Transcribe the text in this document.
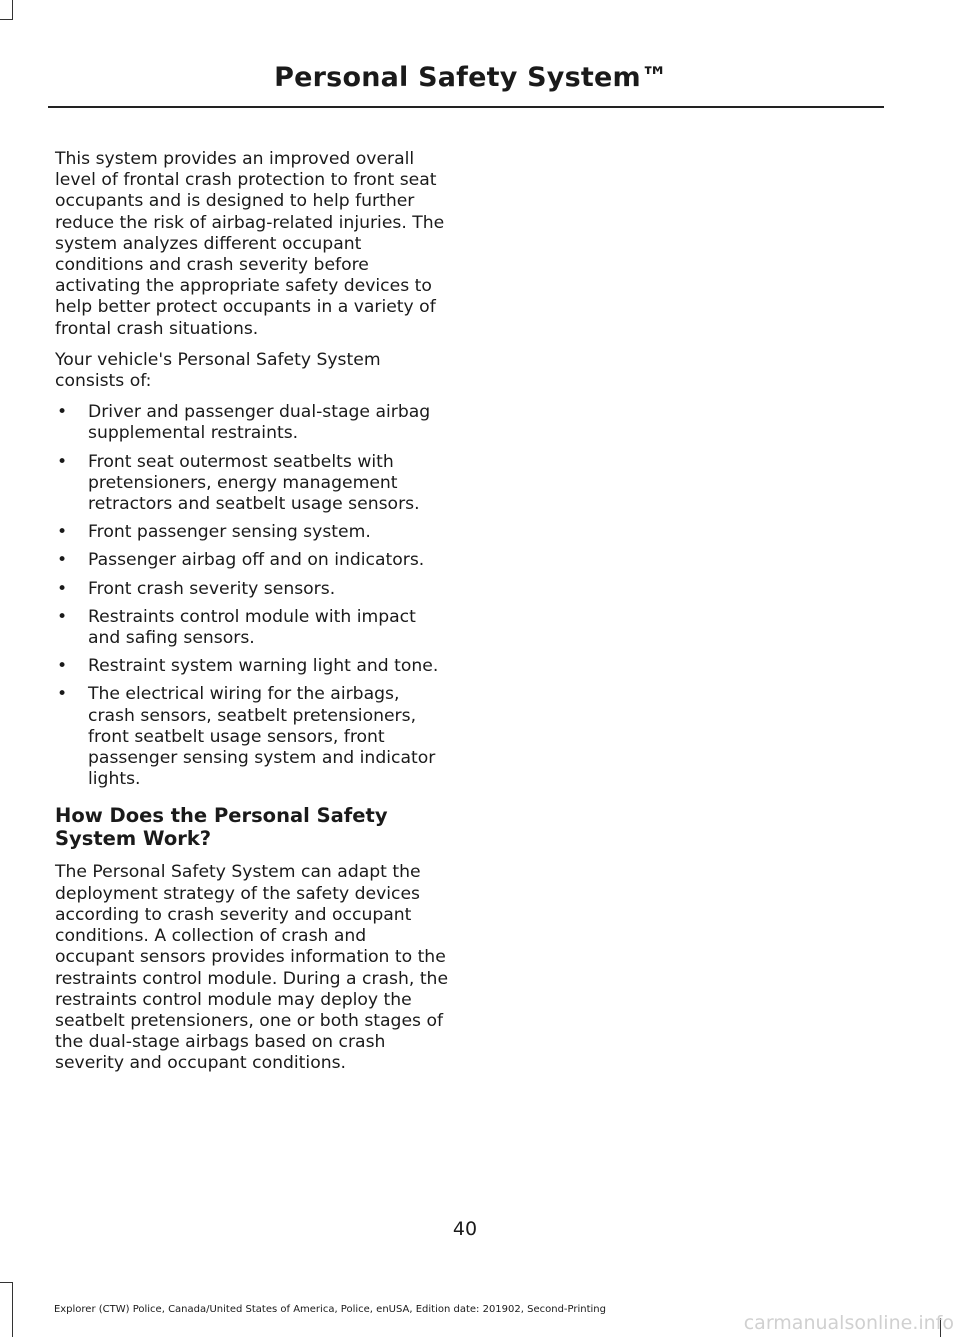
Personal Safety System™

This system provides an improved overall level of frontal crash protection to front seat occupants and is designed to help further reduce the risk of airbag-related injuries. The system analyzes different occupant conditions and crash severity before activating the appropriate safety devices to help better protect occupants in a variety of frontal crash situations.

Your vehicle's Personal Safety System consists of:

• Driver and passenger dual-stage airbag supplemental restraints.
• Front seat outermost seatbelts with pretensioners, energy management retractors and seatbelt usage sensors.
• Front passenger sensing system.
• Passenger airbag off and on indicators.
• Front crash severity sensors.
• Restraints control module with impact and safing sensors.
• Restraint system warning light and tone.
• The electrical wiring for the airbags, crash sensors, seatbelt pretensioners, front seatbelt usage sensors, front passenger sensing system and indicator lights.
How Does the Personal Safety System Work?

The Personal Safety System can adapt the deployment strategy of the safety devices according to crash severity and occupant conditions. A collection of crash and occupant sensors provides information to the restraints control module. During a crash, the restraints control module may deploy the seatbelt pretensioners, one or both stages of the dual-stage airbags based on crash severity and occupant conditions.

40

Explorer (CTW) Police, Canada/United States of America, Police, enUSA, Edition date: 201902, Second-Printing

carmanualsonline.info
